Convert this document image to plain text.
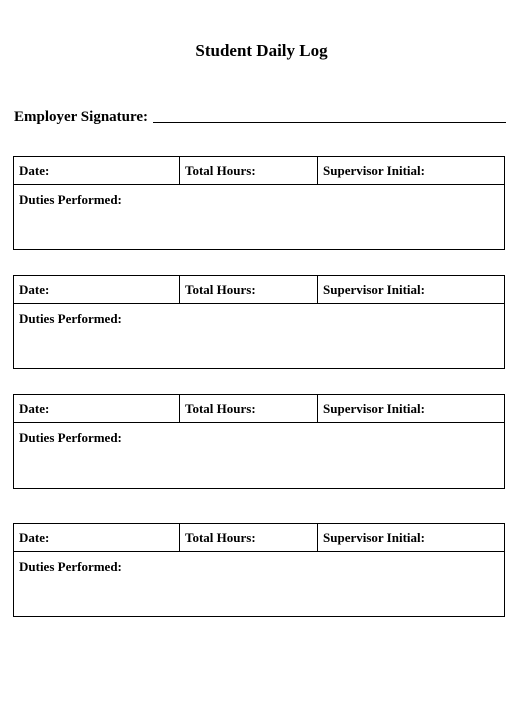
Student Daily Log
Employer Signature:
Date:	Total Hours:	Supervisor Initial:
Duties Performed:
Date:	Total Hours:	Supervisor Initial:
Duties Performed:
Date:	Total Hours:	Supervisor Initial:
Duties Performed:
Date:	Total Hours:	Supervisor Initial:
Duties Performed:
